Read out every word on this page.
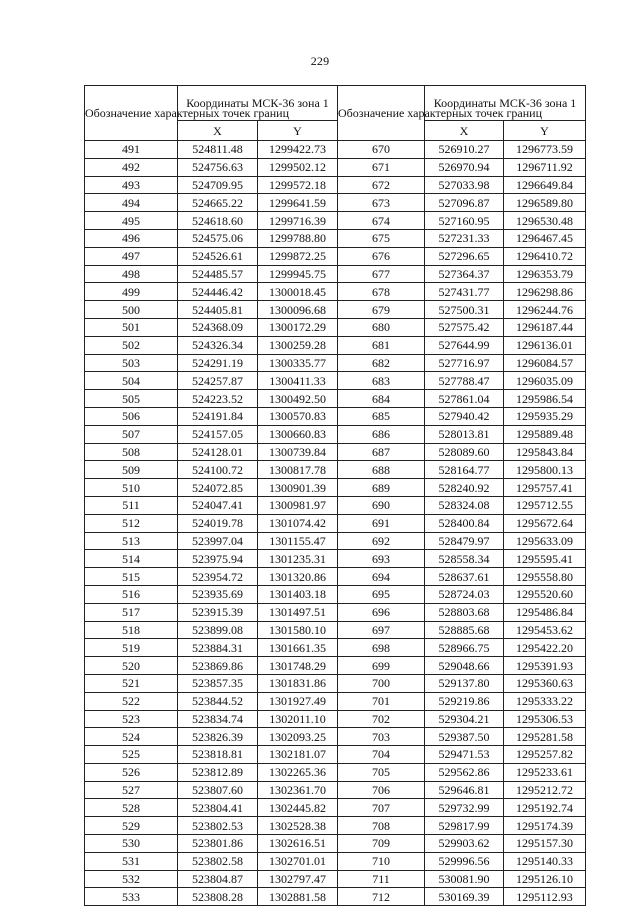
229
Обозначение характерных точек границ	Координаты МСК-36 зона 1		Обозначение характерных точек границ	Координаты МСК-36 зона 1	
	X	Y		X	Y
491	524811.48	1299422.73	670	526910.27	1296773.59
492	524756.63	1299502.12	671	526970.94	1296711.92
493	524709.95	1299572.18	672	527033.98	1296649.84
494	524665.22	1299641.59	673	527096.87	1296589.80
495	524618.60	1299716.39	674	527160.95	1296530.48
496	524575.06	1299788.80	675	527231.33	1296467.45
497	524526.61	1299872.25	676	527296.65	1296410.72
498	524485.57	1299945.75	677	527364.37	1296353.79
499	524446.42	1300018.45	678	527431.77	1296298.86
500	524405.81	1300096.68	679	527500.31	1296244.76
501	524368.09	1300172.29	680	527575.42	1296187.44
502	524326.34	1300259.28	681	527644.99	1296136.01
503	524291.19	1300335.77	682	527716.97	1296084.57
504	524257.87	1300411.33	683	527788.47	1296035.09
505	524223.52	1300492.50	684	527861.04	1295986.54
506	524191.84	1300570.83	685	527940.42	1295935.29
507	524157.05	1300660.83	686	528013.81	1295889.48
508	524128.01	1300739.84	687	528089.60	1295843.84
509	524100.72	1300817.78	688	528164.77	1295800.13
510	524072.85	1300901.39	689	528240.92	1295757.41
511	524047.41	1300981.97	690	528324.08	1295712.55
512	524019.78	1301074.42	691	528400.84	1295672.64
513	523997.04	1301155.47	692	528479.97	1295633.09
514	523975.94	1301235.31	693	528558.34	1295595.41
515	523954.72	1301320.86	694	528637.61	1295558.80
516	523935.69	1301403.18	695	528724.03	1295520.60
517	523915.39	1301497.51	696	528803.68	1295486.84
518	523899.08	1301580.10	697	528885.68	1295453.62
519	523884.31	1301661.35	698	528966.75	1295422.20
520	523869.86	1301748.29	699	529048.66	1295391.93
521	523857.35	1301831.86	700	529137.80	1295360.63
522	523844.52	1301927.49	701	529219.86	1295333.22
523	523834.74	1302011.10	702	529304.21	1295306.53
524	523826.39	1302093.25	703	529387.50	1295281.58
525	523818.81	1302181.07	704	529471.53	1295257.82
526	523812.89	1302265.36	705	529562.86	1295233.61
527	523807.60	1302361.70	706	529646.81	1295212.72
528	523804.41	1302445.82	707	529732.99	1295192.74
529	523802.53	1302528.38	708	529817.99	1295174.39
530	523801.86	1302616.51	709	529903.62	1295157.30
531	523802.58	1302701.01	710	529996.56	1295140.33
532	523804.87	1302797.47	711	530081.90	1295126.10
533	523808.28	1302881.58	712	530169.39	1295112.93
